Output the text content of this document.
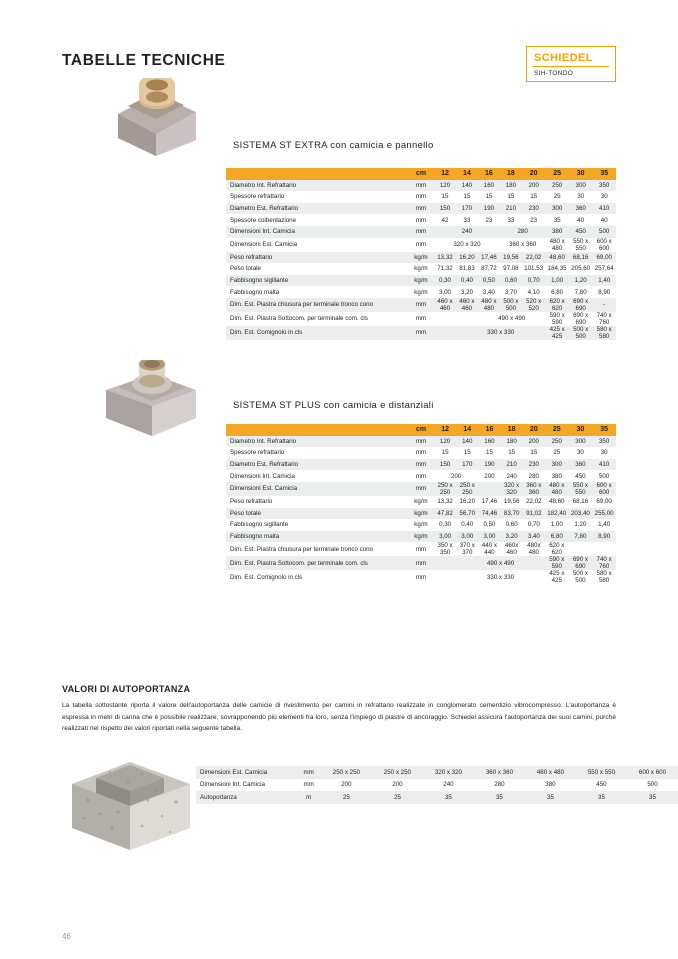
TABELLE TECNICHE	SCHIEDEL
SIH-TONDO
SISTEMA ST EXTRA con camicia e pannello
	cm	12	14	16	18	20	25	30	35
Diametro Int. Refrattario	mm	120	140	160	180	200	250	300	350
Spessore refrattario	mm	15	15	15	15	15	25	30	30
Diametro Est. Refrattario	mm	150	170	190	210	230	300	360	410
Spessore coibentazione	mm	42	33	23	33	23	35	40	40
Dimensioni Int. Camicia	mm	240			280		380	450	500
Dimensioni Est. Camicia	mm	320 x 320			360 x 360		480 x 480	550 x 550	600 x 600
Peso refrattario	kg/m	13,32	16,20	17,46	19,56	22,02	48,60	68,16	69,00
Peso totale	kg/m	71,32	81,83	87,72	97,08	101,53	184,35	205,60	257,64
Fabbisogno sigillante	kg/m	0,30	0,40	0,50	0,60	0,70	1,00	1,20	1,40
Fabbisogno malta	kg/m	3,00	3,20	3,40	3,70	4,10	6,80	7,80	8,90
Dim. Est. Piastra chiusura per terminale tronco cono	mm	460 x 460	460 x 460	480 x 480	500 x 500	520 x 520	620 x 620	690 x 690	-
Dim. Est. Piastra Sottocom. per terminale com. cls	mm			490 x 490			590 x 590	690 x 690	740 x 760
Dim. Est. Comignolo in cls	mm		330 x 330				425 x 425	500 x 500	580 x 580
SISTEMA ST PLUS con camicia e distanziali
	cm	12	14	16	18	20	25	30	35
Diametro Int. Refrattario	mm	120	140	160	180	200	250	300	350
Spessore refrattario	mm	15	15	15	15	15	25	30	30
Diametro Est. Refrattario	mm	150	170	190	210	230	300	360	410
Dimensioni Int. Camicia	mm	200		200	240	280	380	450	500
Dimensioni Est. Camicia	mm	250 x 250	250 x 250		320 x 320	360 x 360	480 x 480	550 x 550	600 x 600
Peso refrattario	kg/m	13,32	16,20	17,46	19,56	22,02	48,60	68,16	69,00
Peso totale	kg/m	47,82	56,70	74,46	83,70	91,02	182,40	203,40	255,00
Fabbisogno sigillante	kg/m	0,30	0,40	0,50	0,60	0,70	1,00	1,20	1,40
Fabbisogno malta	kg/m	3,00	3,00	3,00	3,20	3,40	6,80	7,80	8,90
Dim. Est. Piastra chiusura per terminale tronco cono	mm	350 x 350	370 x 370	440 x 440	460x 460	480x 480	620 x 620		
Dim. Est. Piastra Sottocom. per terminale com. cls	mm		490 x 490				590 x 590	690 x 690	740 x 760
Dim. Est. Comignolo in cls	mm		330 x 330				425 x 425	500 x 500	580 x 580
VALORI DI AUTOPORTANZA
La tabella sottostante riporta il valore dell'autoportanza delle camicie di rivestimento per camini in refrattario realizzate in conglomerato cementizio vibrocompresso. L'autoportanza è espressa in metri di canna che è possibile realizzare, sovrapponendo più elementi fra loro, senza l'impiego di piastre di ancoraggio. Schiedel assicura l'autoportanza dei suoi camini, purché realizzati nel rispetto dei valori riportati nella seguente tabella.
Dimensioni Est. Camicia	mm	250 x 250	250 x 250	320 x 320	360 x 360	480 x 480	550 x 550	600 x 600
Dimensioni Int. Camicia	mm	200	200	240	280	380	450	500
Autoportanza	m	25	25	35	35	35	35	35
46
